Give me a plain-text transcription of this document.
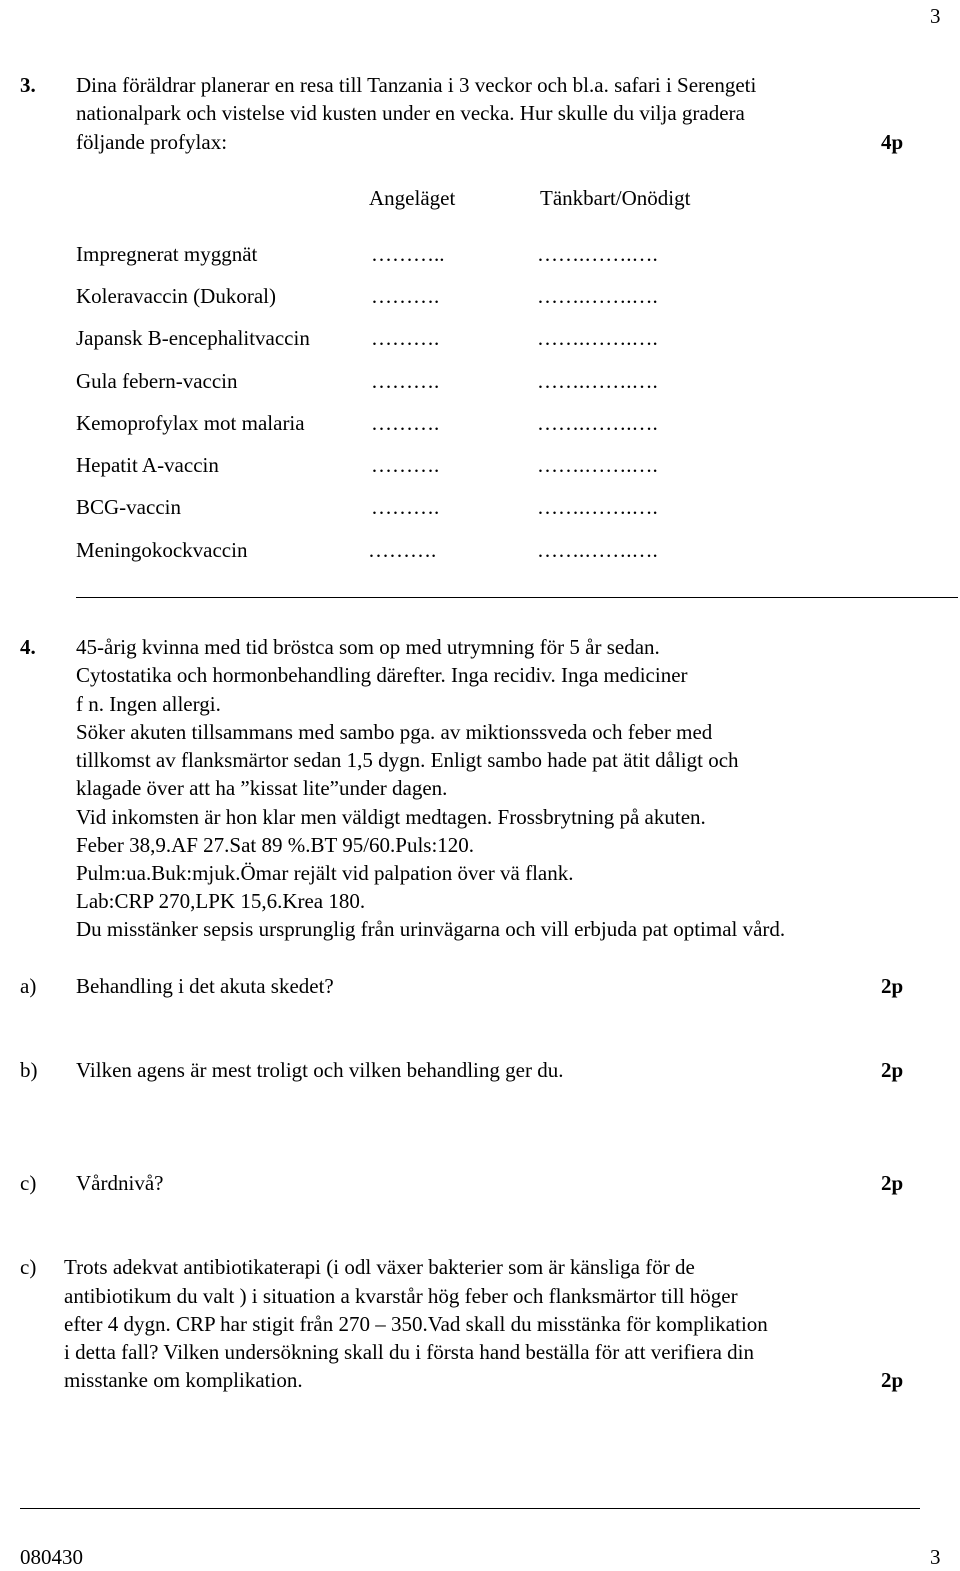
3
3. Dina föräldrar planerar en resa till Tanzania i 3 veckor och bl.a. safari i Serengeti
nationalpark och vistelse vid kusten under en vecka. Hur skulle du vilja gradera
följande profylax:	4p
Angeläget	Tänkbart/Onödigt
Impregnerat myggnät	………..	…….…….….
Koleravaccin (Dukoral)	……….	…….…….….
Japansk B-encephalitvaccin	……….	…….…….….
Gula febern-vaccin	……….	…….…….….
Kemoprofylax mot malaria	……….	…….…….….
Hepatit A-vaccin	……….	…….…….….
BCG-vaccin	……….	…….…….….
Meningokockvaccin	……….	…….…….….
4. 45-årig kvinna med tid bröstca som op med utrymning för 5 år sedan.
Cytostatika och hormonbehandling därefter. Inga recidiv. Inga mediciner
f n. Ingen allergi.
Söker akuten tillsammans med sambo pga. av miktionssveda och feber med
tillkomst av flanksmärtor sedan 1,5 dygn. Enligt sambo hade pat ätit dåligt och
klagade över att ha ”kissat lite”under dagen.
Vid inkomsten är hon klar men väldigt medtagen. Frossbrytning på akuten.
Feber 38,9.AF 27.Sat 89 %.BT 95/60.Puls:120.
Pulm:ua.Buk:mjuk.Ömar rejält vid palpation över vä flank.
Lab:CRP 270,LPK 15,6.Krea 180.
Du misstänker sepsis ursprunglig från urinvägarna och vill erbjuda pat optimal vård.
a) Behandling i det akuta skedet?	2p
b) Vilken agens är mest troligt och vilken behandling ger du.	2p
c) Vårdnivå?	2p
c) Trots adekvat antibiotikaterapi (i odl växer bakterier som är känsliga för de
antibiotikum du valt ) i situation a kvarstår hög feber och flanksmärtor till höger
efter 4 dygn. CRP har stigit från 270 – 350.Vad skall du misstänka för komplikation
i detta fall? Vilken undersökning skall du i första hand beställa för att verifiera din
misstanke om komplikation.	2p
080430	3
